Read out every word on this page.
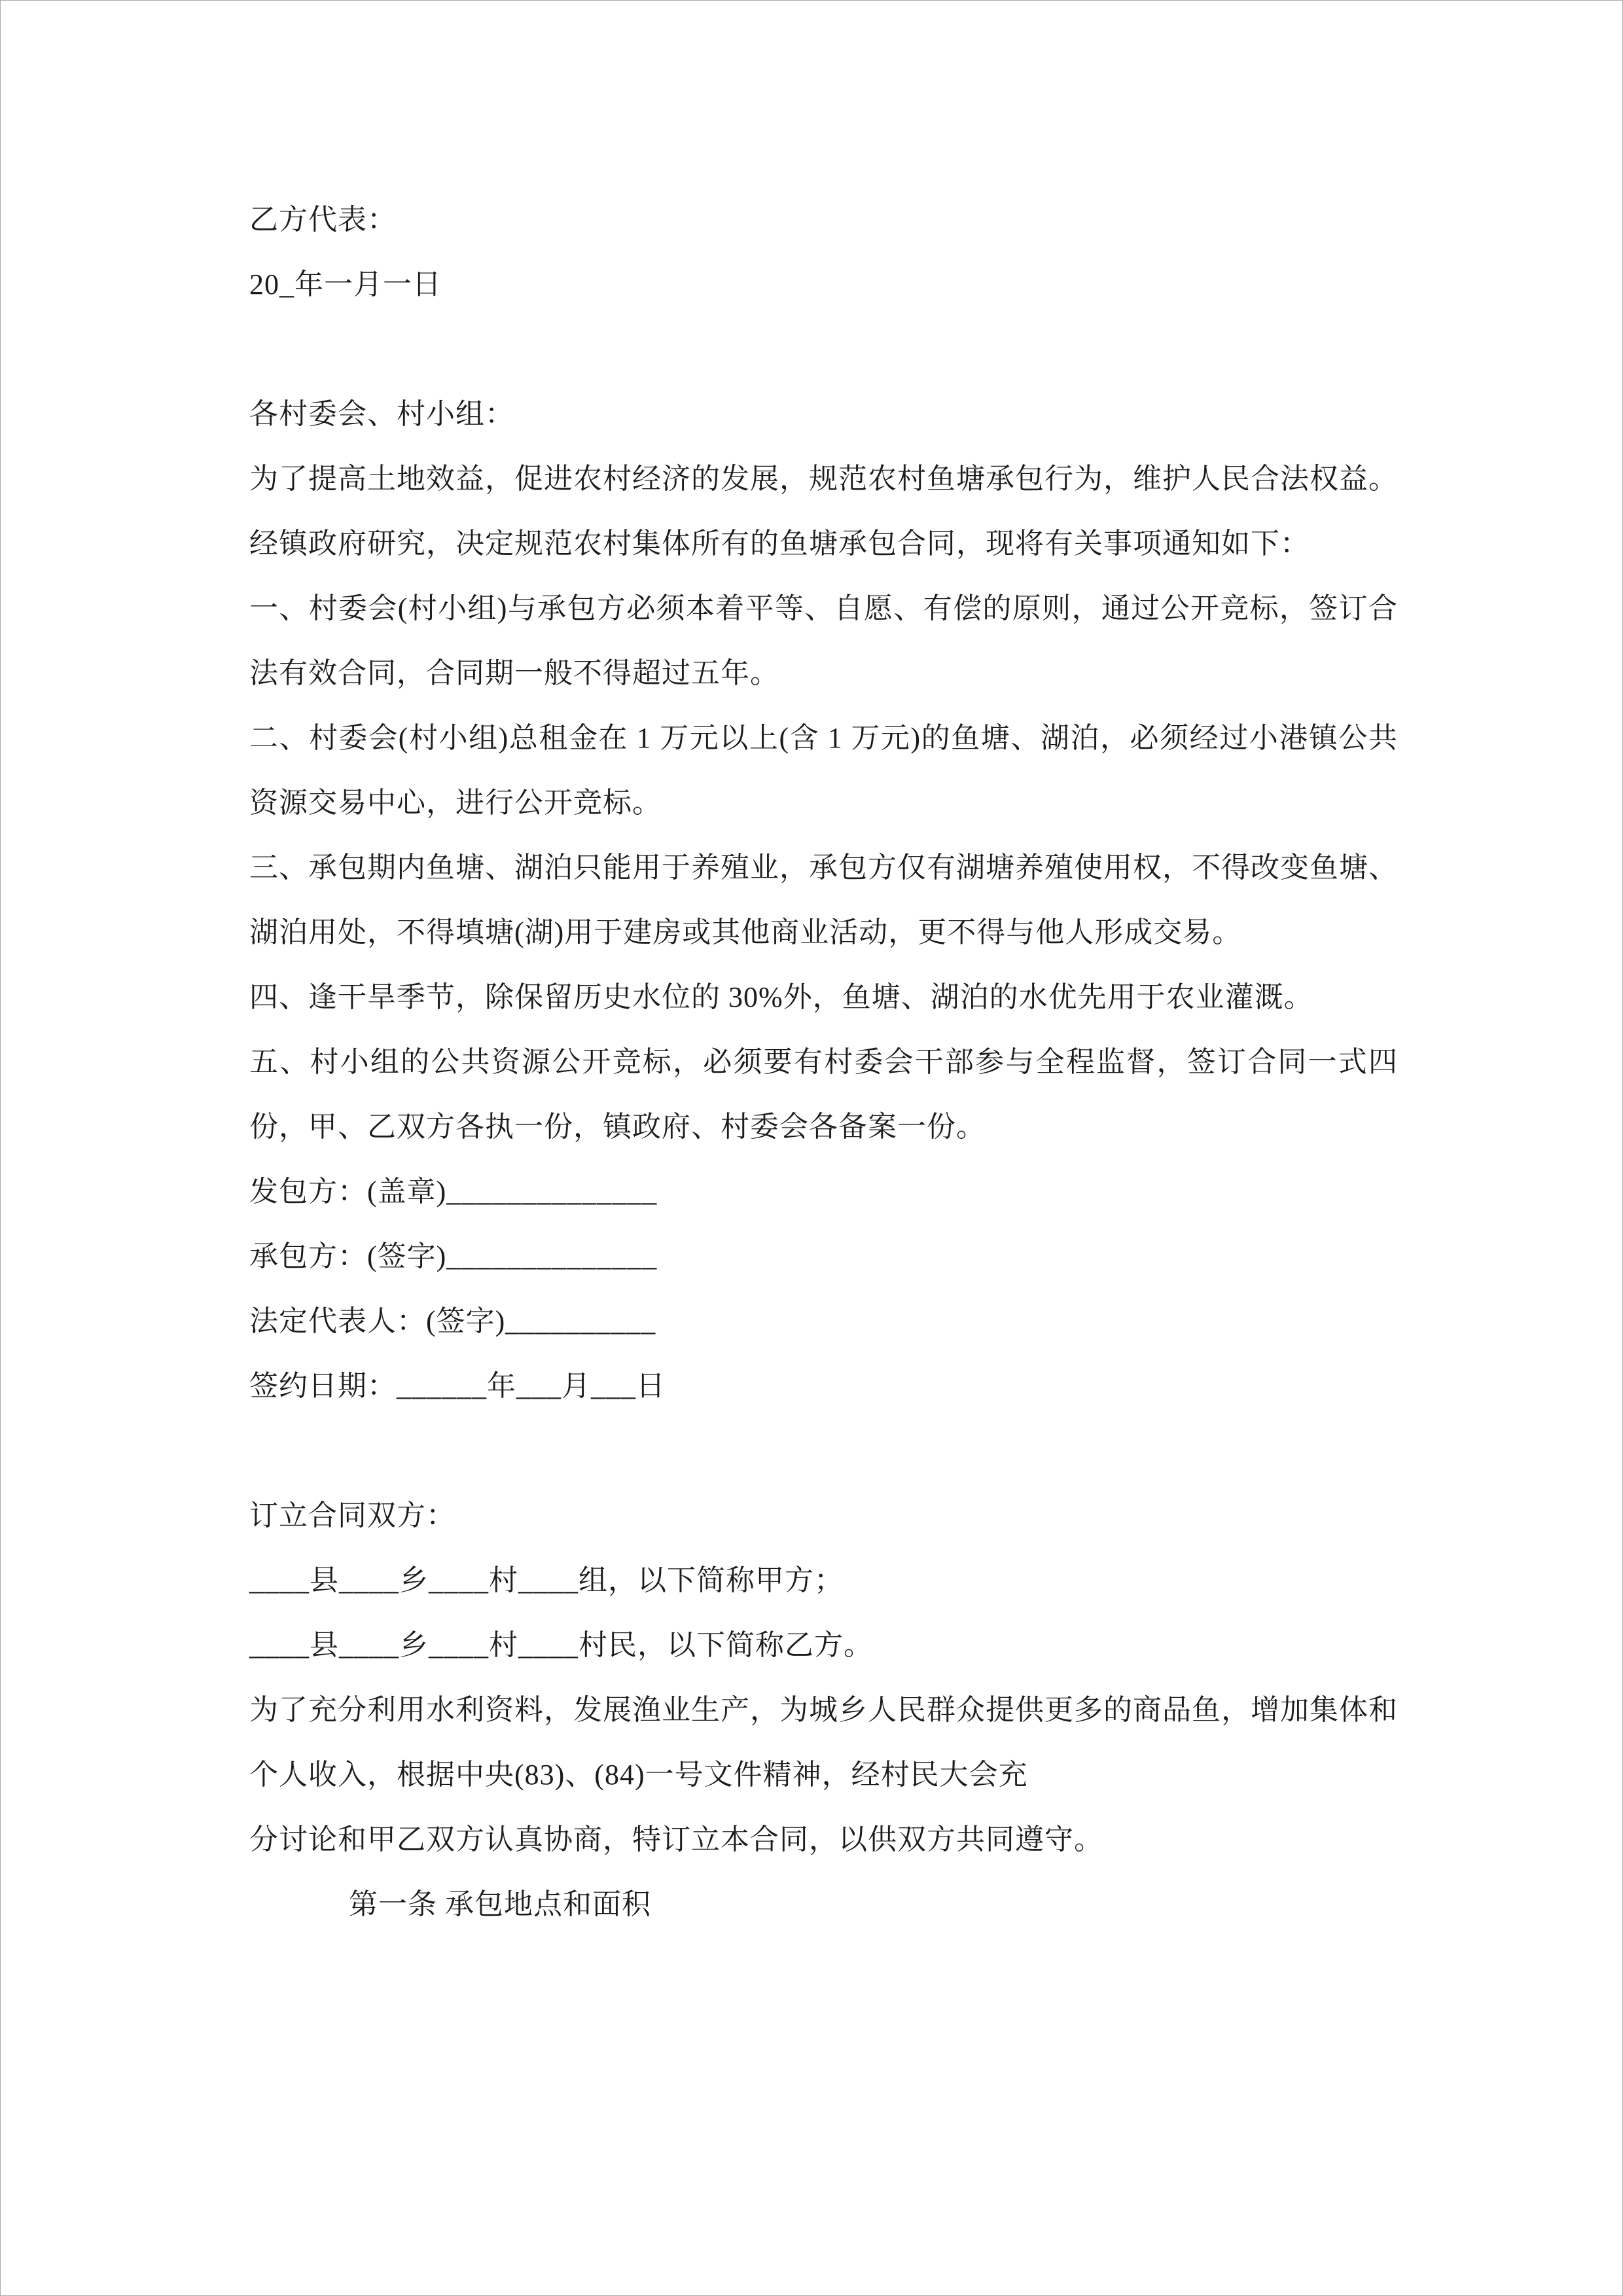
乙方代表：

20_年一月一日

各村委会、村小组：

为了提高土地效益，促进农村经济的发展，规范农村鱼塘承包行为，维护人民合法权益。经镇政府研究，决定规范农村集体所有的鱼塘承包合同，现将有关事项通知如下：

一、村委会(村小组)与承包方必须本着平等、自愿、有偿的原则，通过公开竞标，签订合法有效合同，合同期一般不得超过五年。

二、村委会(村小组)总租金在 1 万元以上(含 1 万元)的鱼塘、湖泊，必须经过小港镇公共资源交易中心，进行公开竞标。

三、承包期内鱼塘、湖泊只能用于养殖业，承包方仅有湖塘养殖使用权，不得改变鱼塘、湖泊用处，不得填塘(湖)用于建房或其他商业活动，更不得与他人形成交易。

四、逢干旱季节，除保留历史水位的 30%外，鱼塘、湖泊的水优先用于农业灌溉。

五、村小组的公共资源公开竞标，必须要有村委会干部参与全程监督，签订合同一式四份，甲、乙双方各执一份，镇政府、村委会各备案一份。

发包方：(盖章)______________

承包方：(签字)______________

法定代表人：(签字)__________

签约日期：______年___月___日

订立合同双方：

____县____乡____村____组，以下简称甲方；

____县____乡____村____村民，以下简称乙方。

为了充分利用水利资料，发展渔业生产，为城乡人民群众提供更多的商品鱼，增加集体和个人收入，根据中央(83)、(84)一号文件精神，经村民大会充

分讨论和甲乙双方认真协商，特订立本合同，以供双方共同遵守。

第一条 承包地点和面积
